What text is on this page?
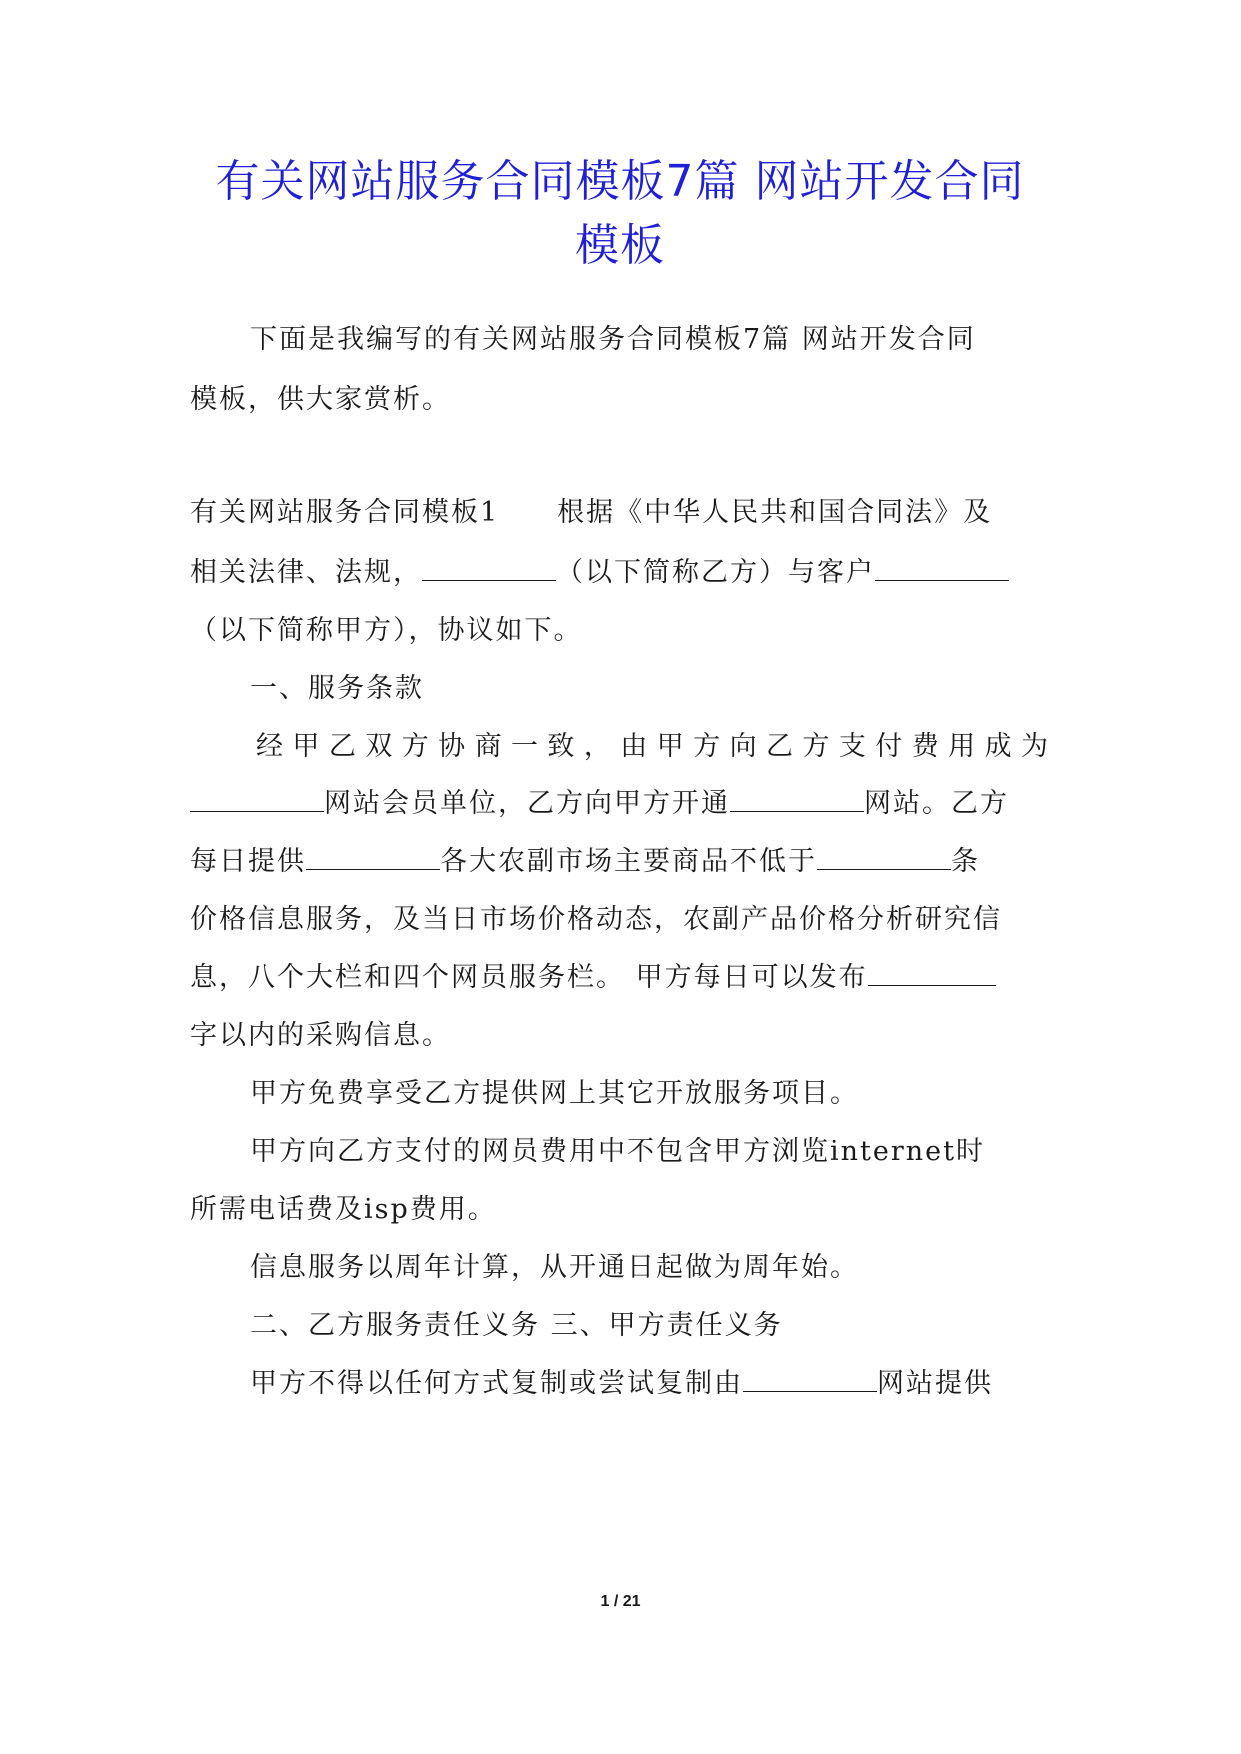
有关网站服务合同模板7篇 网站开发合同
模板
下面是我编写的有关网站服务合同模板7篇 网站开发合同
模板，供大家赏析。
有关网站服务合同模板1　　根据《中华人民共和国合同法》及
相关法律、法规，	（以下简称乙方）与客户
（以下简称甲方），协议如下。
一、服务条款
经甲乙双方协商一致，由甲方向乙方支付费用成为
网站会员单位，乙方向甲方开通	网站。乙方
每日提供	各大农副市场主要商品不低于	条
价格信息服务，及当日市场价格动态，农副产品价格分析研究信
息，八个大栏和四个网员服务栏。 甲方每日可以发布
字以内的采购信息。
甲方免费享受乙方提供网上其它开放服务项目。
甲方向乙方支付的网员费用中不包含甲方浏览internet时
所需电话费及isp费用。
信息服务以周年计算，从开通日起做为周年始。
二、乙方服务责任义务 三、甲方责任义务
甲方不得以任何方式复制或尝试复制由	网站提供
1 / 21
